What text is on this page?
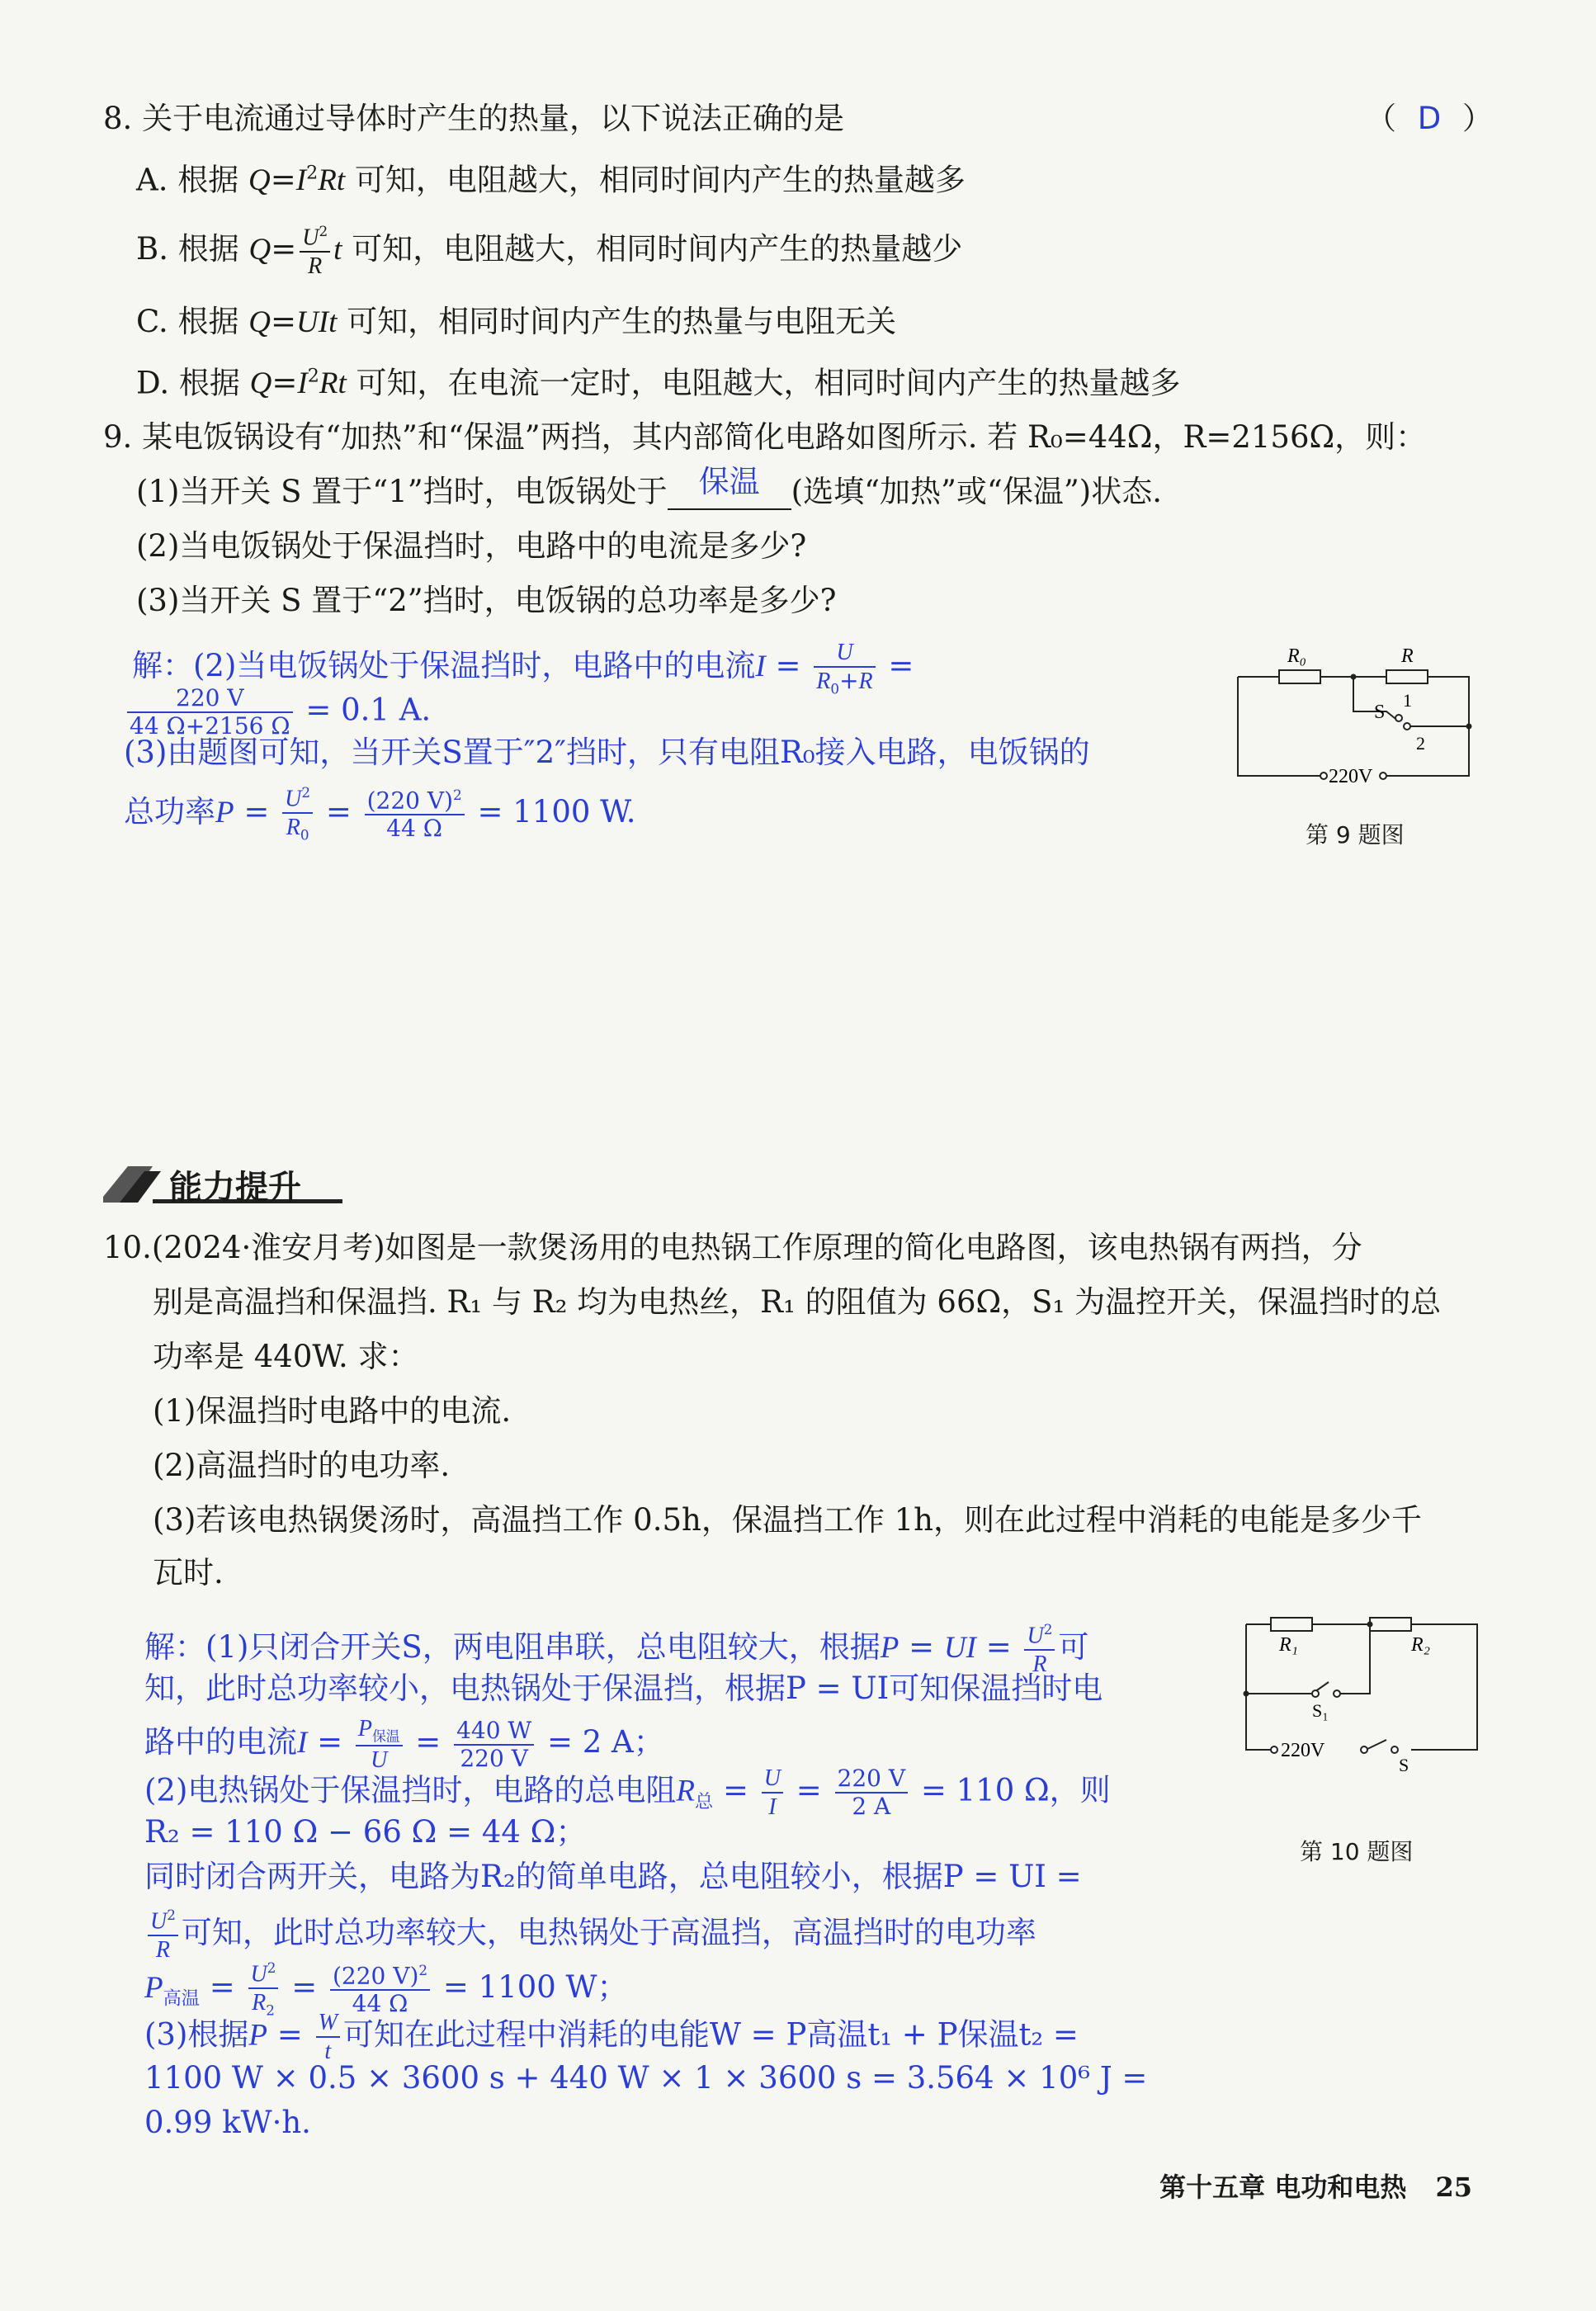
8. 关于电流通过导体时产生的热量，以下说法正确的是	（ D ）
A. 根据 $Q=I^2Rt$ 可知，电阻越大，相同时间内产生的热量越多
B. 根据 $Q= \frac{U^2}{R}$ t 可知，电阻越大，相同时间内产生的热量越少
C. 根据 Q=UIt 可知，相同时间内产生的热量与电阻无关
D. 根据 $Q=I^2Rt$ 可知，在电流一定时，电阻越大，相同时间内产生的热量越多
9. 某电饭锅设有“加热”和“保温”两挡，其内部简化电路如图所示. 若 R₀=44Ω，R=2156Ω，则：
(1)当开关 S 置于“1”挡时，电饭锅处于	保温	(选填“加热”或“保温”)状态.
(2)当电饭锅处于保温挡时，电路中的电流是多少?
(3)当开关 S 置于“2”挡时，电饭锅的总功率是多少?
解：(2)当电饭锅处于保温挡时，电路中的电流$I = \frac{U}{R_0+R}$ =
$\frac{220 V}{44 \Omega+2156 \Omega} = 0.1$ A.
(3)由题图可知，当开关S置于″2″挡时，只有电阻R₀接入电路，电饭锅的
总功率$P = \frac{U^2}{R_0} = \frac{(220 V)^2}{44 \Omega} = 1100$ W.
R₀	R
S
1
2
220V
第 9 题图
能力提升
10.(2024·淮安月考)如图是一款煲汤用的电热锅工作原理的简化电路图，该电热锅有两挡，分
别是高温挡和保温挡. R₁ 与 R₂ 均为电热丝，R₁ 的阻值为 66Ω，S₁ 为温控开关，保温挡时的总
功率是 440W. 求：
(1)保温挡时电路中的电流.
(2)高温挡时的电功率.
(3)若该电热锅煲汤时，高温挡工作 0.5h，保温挡工作 1h，则在此过程中消耗的电能是多少千
瓦时.
解：(1)只闭合开关S，两电阻串联，总电阻较大，根据P = UI = $\frac{U^2}{R}$ 可
知，此时总功率较小，电热锅处于保温挡，根据P = UI可知保温挡时电
路中的电流$I = \frac{P_{保温}}{U} = \frac{440 W}{220 V} = 2$ A；
(2)电热锅处于保温挡时，电路的总电阻$R_总 = \frac{U}{I} = \frac{220 V}{2 A} = 110$ Ω，则
R₂ = 110 Ω − 66 Ω = 44 Ω；
同时闭合两开关，电路为R₂的简单电路，总电阻较小，根据P = UI =
$\frac{U^2}{R}$ 可知，此时总功率较大，电热锅处于高温挡，高温挡时的电功率
$P_{高温} = \frac{U^2}{R_2} = \frac{(220 V)^2}{44 \Omega} = 1100$ W；
(3)根据$P = \frac{W}{t}$ 可知在此过程中消耗的电能W = P高温t₁ + P保温t₂ =
1100 W × 0.5 × 3600 s + 440 W × 1 × 3600 s = 3.564 × 10⁶ J =
0.99 kW·h.
R₁	R₂
S₁
220V
S
第 10 题图
第十五章 电功和电热 25
